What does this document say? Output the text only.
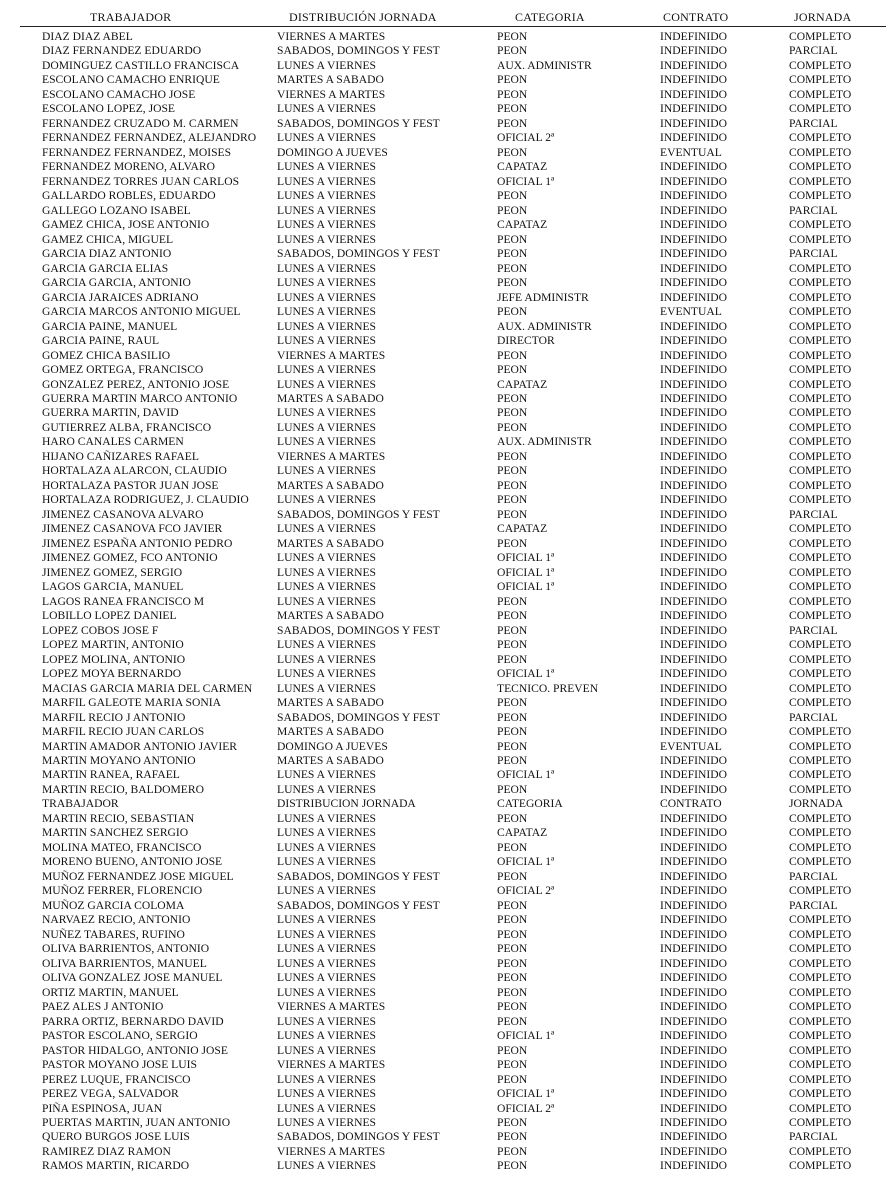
TRABAJADOR	DISTRIBUCIÓN JORNADA	CATEGORIA	CONTRATO	JORNADA
DIAZ DIAZ ABEL	VIERNES A MARTES	PEON	INDEFINIDO	COMPLETO
DIAZ FERNANDEZ EDUARDO	SABADOS, DOMINGOS Y FEST	PEON	INDEFINIDO	PARCIAL
DOMINGUEZ CASTILLO FRANCISCA	LUNES A VIERNES	AUX. ADMINISTR	INDEFINIDO	COMPLETO
ESCOLANO CAMACHO ENRIQUE	MARTES A SABADO	PEON	INDEFINIDO	COMPLETO
ESCOLANO CAMACHO JOSE	VIERNES A MARTES	PEON	INDEFINIDO	COMPLETO
ESCOLANO LOPEZ, JOSE	LUNES A VIERNES	PEON	INDEFINIDO	COMPLETO
FERNANDEZ CRUZADO M. CARMEN	SABADOS, DOMINGOS Y FEST	PEON	INDEFINIDO	PARCIAL
FERNANDEZ FERNANDEZ, ALEJANDRO	LUNES A VIERNES	OFICIAL 2ª	INDEFINIDO	COMPLETO
FERNANDEZ FERNANDEZ, MOISES	DOMINGO A JUEVES	PEON	EVENTUAL	COMPLETO
FERNANDEZ MORENO, ALVARO	LUNES A VIERNES	CAPATAZ	INDEFINIDO	COMPLETO
FERNANDEZ TORRES JUAN CARLOS	LUNES A VIERNES	OFICIAL 1ª	INDEFINIDO	COMPLETO
GALLARDO ROBLES, EDUARDO	LUNES A VIERNES	PEON	INDEFINIDO	COMPLETO
GALLEGO LOZANO ISABEL	LUNES A VIERNES	PEON	INDEFINIDO	PARCIAL
GAMEZ CHICA, JOSE ANTONIO	LUNES A VIERNES	CAPATAZ	INDEFINIDO	COMPLETO
GAMEZ CHICA, MIGUEL	LUNES A VIERNES	PEON	INDEFINIDO	COMPLETO
GARCIA DIAZ ANTONIO	SABADOS, DOMINGOS Y FEST	PEON	INDEFINIDO	PARCIAL
GARCIA GARCIA ELIAS	LUNES A VIERNES	PEON	INDEFINIDO	COMPLETO
GARCIA GARCIA, ANTONIO	LUNES A VIERNES	PEON	INDEFINIDO	COMPLETO
GARCIA JARAICES ADRIANO	LUNES A VIERNES	JEFE ADMINISTR	INDEFINIDO	COMPLETO
GARCIA MARCOS ANTONIO MIGUEL	LUNES A VIERNES	PEON	EVENTUAL	COMPLETO
GARCIA PAINE, MANUEL	LUNES A VIERNES	AUX. ADMINISTR	INDEFINIDO	COMPLETO
GARCIA PAINE, RAUL	LUNES A VIERNES	DIRECTOR	INDEFINIDO	COMPLETO
GOMEZ CHICA BASILIO	VIERNES A MARTES	PEON	INDEFINIDO	COMPLETO
GOMEZ ORTEGA, FRANCISCO	LUNES A VIERNES	PEON	INDEFINIDO	COMPLETO
GONZALEZ PEREZ, ANTONIO JOSE	LUNES A VIERNES	CAPATAZ	INDEFINIDO	COMPLETO
GUERRA MARTIN MARCO ANTONIO	MARTES A SABADO	PEON	INDEFINIDO	COMPLETO
GUERRA MARTIN, DAVID	LUNES A VIERNES	PEON	INDEFINIDO	COMPLETO
GUTIERREZ ALBA, FRANCISCO	LUNES A VIERNES	PEON	INDEFINIDO	COMPLETO
HARO CANALES CARMEN	LUNES A VIERNES	AUX. ADMINISTR	INDEFINIDO	COMPLETO
HIJANO CAÑIZARES RAFAEL	VIERNES A MARTES	PEON	INDEFINIDO	COMPLETO
HORTALAZA ALARCON, CLAUDIO	LUNES A VIERNES	PEON	INDEFINIDO	COMPLETO
HORTALAZA PASTOR JUAN JOSE	MARTES A SABADO	PEON	INDEFINIDO	COMPLETO
HORTALAZA RODRIGUEZ, J. CLAUDIO	LUNES A VIERNES	PEON	INDEFINIDO	COMPLETO
JIMENEZ CASANOVA ALVARO	SABADOS, DOMINGOS Y FEST	PEON	INDEFINIDO	PARCIAL
JIMENEZ CASANOVA FCO JAVIER	LUNES A VIERNES	CAPATAZ	INDEFINIDO	COMPLETO
JIMENEZ ESPAÑA ANTONIO PEDRO	MARTES A SABADO	PEON	INDEFINIDO	COMPLETO
JIMENEZ GOMEZ, FCO ANTONIO	LUNES A VIERNES	OFICIAL 1ª	INDEFINIDO	COMPLETO
JIMENEZ GOMEZ, SERGIO	LUNES A VIERNES	OFICIAL 1ª	INDEFINIDO	COMPLETO
LAGOS GARCIA, MANUEL	LUNES A VIERNES	OFICIAL 1ª	INDEFINIDO	COMPLETO
LAGOS RANEA FRANCISCO M	LUNES A VIERNES	PEON	INDEFINIDO	COMPLETO
LOBILLO LOPEZ DANIEL	MARTES A SABADO	PEON	INDEFINIDO	COMPLETO
LOPEZ COBOS JOSE F	SABADOS, DOMINGOS Y FEST	PEON	INDEFINIDO	PARCIAL
LOPEZ MARTIN, ANTONIO	LUNES A VIERNES	PEON	INDEFINIDO	COMPLETO
LOPEZ MOLINA, ANTONIO	LUNES A VIERNES	PEON	INDEFINIDO	COMPLETO
LOPEZ MOYA BERNARDO	LUNES A VIERNES	OFICIAL 1ª	INDEFINIDO	COMPLETO
MACIAS GARCIA MARIA DEL CARMEN	LUNES A VIERNES	TECNICO. PREVEN	INDEFINIDO	COMPLETO
MARFIL GALEOTE MARIA SONIA	MARTES A SABADO	PEON	INDEFINIDO	COMPLETO
MARFIL RECIO J ANTONIO	SABADOS, DOMINGOS Y FEST	PEON	INDEFINIDO	PARCIAL
MARFIL RECIO JUAN CARLOS	MARTES A SABADO	PEON	INDEFINIDO	COMPLETO
MARTIN AMADOR ANTONIO JAVIER	DOMINGO A JUEVES	PEON	EVENTUAL	COMPLETO
MARTIN MOYANO ANTONIO	MARTES A SABADO	PEON	INDEFINIDO	COMPLETO
MARTIN RANEA, RAFAEL	LUNES A VIERNES	OFICIAL 1ª	INDEFINIDO	COMPLETO
MARTIN RECIO, BALDOMERO	LUNES A VIERNES	PEON	INDEFINIDO	COMPLETO
TRABAJADOR	DISTRIBUCION JORNADA	CATEGORIA	CONTRATO	JORNADA
MARTIN RECIO, SEBASTIAN	LUNES A VIERNES	PEON	INDEFINIDO	COMPLETO
MARTIN SANCHEZ SERGIO	LUNES A VIERNES	CAPATAZ	INDEFINIDO	COMPLETO
MOLINA MATEO, FRANCISCO	LUNES A VIERNES	PEON	INDEFINIDO	COMPLETO
MORENO BUENO, ANTONIO JOSE	LUNES A VIERNES	OFICIAL 1ª	INDEFINIDO	COMPLETO
MUÑOZ FERNANDEZ JOSE MIGUEL	SABADOS, DOMINGOS Y FEST	PEON	INDEFINIDO	PARCIAL
MUÑOZ FERRER, FLORENCIO	LUNES A VIERNES	OFICIAL 2ª	INDEFINIDO	COMPLETO
MUÑOZ GARCIA COLOMA	SABADOS, DOMINGOS Y FEST	PEON	INDEFINIDO	PARCIAL
NARVAEZ RECIO, ANTONIO	LUNES A VIERNES	PEON	INDEFINIDO	COMPLETO
NUÑEZ TABARES, RUFINO	LUNES A VIERNES	PEON	INDEFINIDO	COMPLETO
OLIVA BARRIENTOS, ANTONIO	LUNES A VIERNES	PEON	INDEFINIDO	COMPLETO
OLIVA BARRIENTOS, MANUEL	LUNES A VIERNES	PEON	INDEFINIDO	COMPLETO
OLIVA GONZALEZ JOSE MANUEL	LUNES A VIERNES	PEON	INDEFINIDO	COMPLETO
ORTIZ MARTIN, MANUEL	LUNES A VIERNES	PEON	INDEFINIDO	COMPLETO
PAEZ ALES J ANTONIO	VIERNES A MARTES	PEON	INDEFINIDO	COMPLETO
PARRA ORTIZ, BERNARDO DAVID	LUNES A VIERNES	PEON	INDEFINIDO	COMPLETO
PASTOR ESCOLANO, SERGIO	LUNES A VIERNES	OFICIAL 1ª	INDEFINIDO	COMPLETO
PASTOR HIDALGO, ANTONIO JOSE	LUNES A VIERNES	PEON	INDEFINIDO	COMPLETO
PASTOR MOYANO JOSE LUIS	VIERNES A MARTES	PEON	INDEFINIDO	COMPLETO
PEREZ LUQUE, FRANCISCO	LUNES A VIERNES	PEON	INDEFINIDO	COMPLETO
PEREZ VEGA, SALVADOR	LUNES A VIERNES	OFICIAL 1ª	INDEFINIDO	COMPLETO
PIÑA ESPINOSA, JUAN	LUNES A VIERNES	OFICIAL 2ª	INDEFINIDO	COMPLETO
PUERTAS MARTIN, JUAN ANTONIO	LUNES A VIERNES	PEON	INDEFINIDO	COMPLETO
QUERO BURGOS JOSE LUIS	SABADOS, DOMINGOS Y FEST	PEON	INDEFINIDO	PARCIAL
RAMIREZ DIAZ RAMON	VIERNES A MARTES	PEON	INDEFINIDO	COMPLETO
RAMOS MARTIN, RICARDO	LUNES A VIERNES	PEON	INDEFINIDO	COMPLETO
